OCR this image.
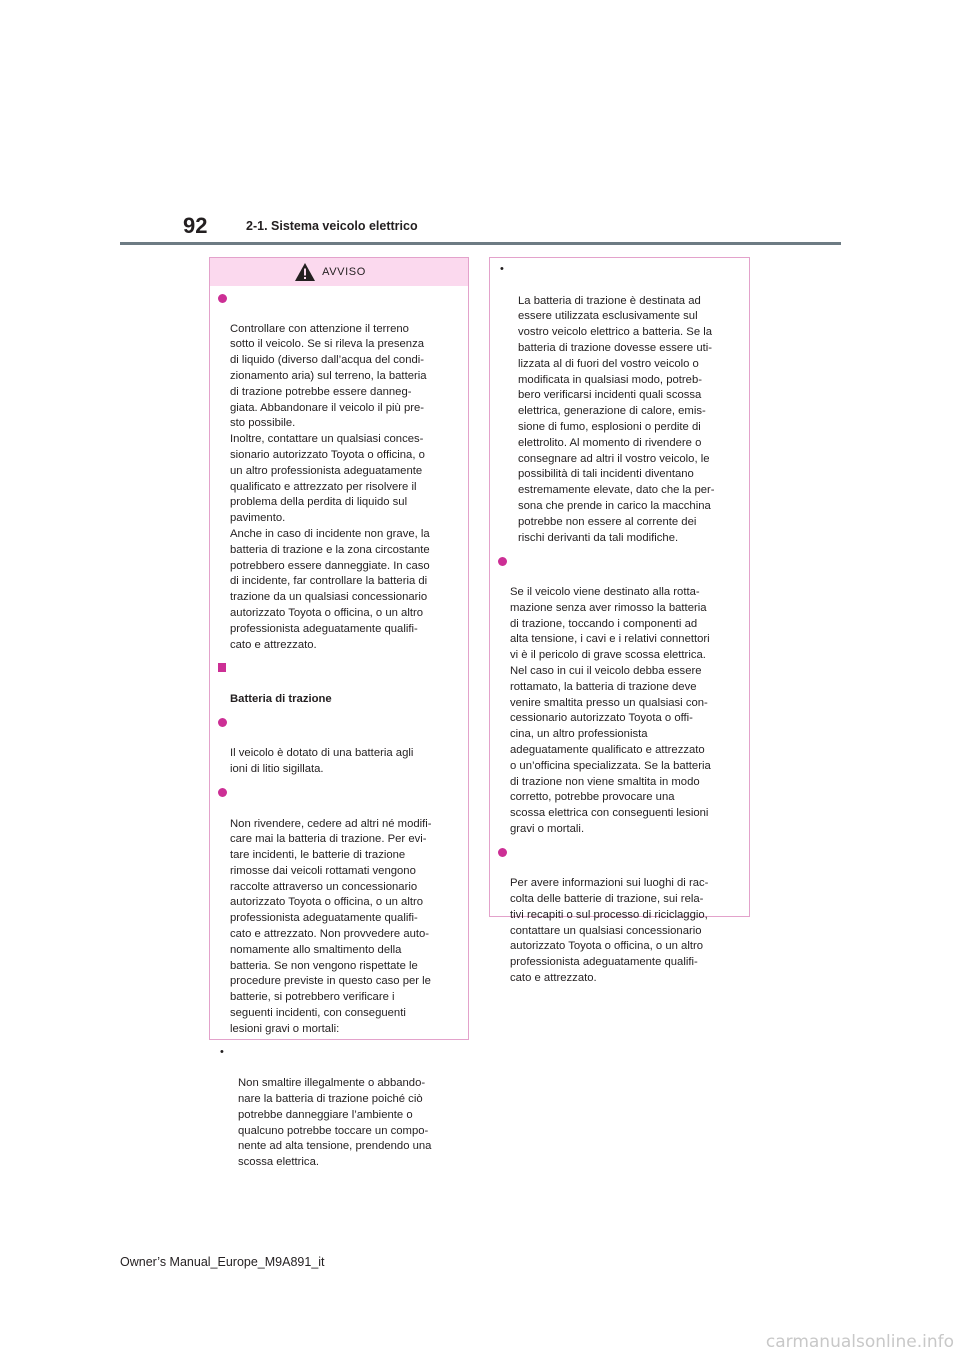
92	2-1. Sistema veicolo elettrico
AVVISO

Controllare con attenzione il terreno
sotto il veicolo. Se si rileva la presenza
di liquido (diverso dall’acqua del condi-
zionamento aria) sul terreno, la batteria
di trazione potrebbe essere danneg-
giata. Abbandonare il veicolo il più pre-
sto possibile.
Inoltre, contattare un qualsiasi conces-
sionario autorizzato Toyota o officina, o
un altro professionista adeguatamente
qualificato e attrezzato per risolvere il
problema della perdita di liquido sul
pavimento.
Anche in caso di incidente non grave, la
batteria di trazione e la zona circostante
potrebbero essere danneggiate. In caso
di incidente, far controllare la batteria di
trazione da un qualsiasi concessionario
autorizzato Toyota o officina, o un altro
professionista adeguatamente qualifi-
cato e attrezzato.

Batteria di trazione

Il veicolo è dotato di una batteria agli
ioni di litio sigillata.

Non rivendere, cedere ad altri né modifi-
care mai la batteria di trazione. Per evi-
tare incidenti, le batterie di trazione
rimosse dai veicoli rottamati vengono
raccolte attraverso un concessionario
autorizzato Toyota o officina, o un altro
professionista adeguatamente qualifi-
cato e attrezzato. Non provvedere auto-
nomamente allo smaltimento della
batteria. Se non vengono rispettate le
procedure previste in questo caso per le
batterie, si potrebbero verificare i
seguenti incidenti, con conseguenti
lesioni gravi o mortali:

•

Non smaltire illegalmente o abbando-
nare la batteria di trazione poiché ciò
potrebbe danneggiare l’ambiente o
qualcuno potrebbe toccare un compo-
nente ad alta tensione, prendendo una
scossa elettrica.

•

La batteria di trazione è destinata ad
essere utilizzata esclusivamente sul
vostro veicolo elettrico a batteria. Se la
batteria di trazione dovesse essere uti-
lizzata al di fuori del vostro veicolo o
modificata in qualsiasi modo, potreb-
bero verificarsi incidenti quali scossa
elettrica, generazione di calore, emis-
sione di fumo, esplosioni o perdite di
elettrolito. Al momento di rivendere o
consegnare ad altri il vostro veicolo, le
possibilità di tali incidenti diventano
estremamente elevate, dato che la per-
sona che prende in carico la macchina
potrebbe non essere al corrente dei
rischi derivanti da tali modifiche.

Se il veicolo viene destinato alla rotta-
mazione senza aver rimosso la batteria
di trazione, toccando i componenti ad
alta tensione, i cavi e i relativi connettori
vi è il pericolo di grave scossa elettrica.
Nel caso in cui il veicolo debba essere
rottamato, la batteria di trazione deve
venire smaltita presso un qualsiasi con-
cessionario autorizzato Toyota o offi-
cina, un altro professionista
adeguatamente qualificato e attrezzato
o un’officina specializzata. Se la batteria
di trazione non viene smaltita in modo
corretto, potrebbe provocare una
scossa elettrica con conseguenti lesioni
gravi o mortali.

Per avere informazioni sui luoghi di rac-
colta delle batterie di trazione, sui rela-
tivi recapiti o sul processo di riciclaggio,
contattare un qualsiasi concessionario
autorizzato Toyota o officina, o un altro
professionista adeguatamente qualifi-
cato e attrezzato.

Owner’s Manual_Europe_M9A891_it
carmanualsonline.info
